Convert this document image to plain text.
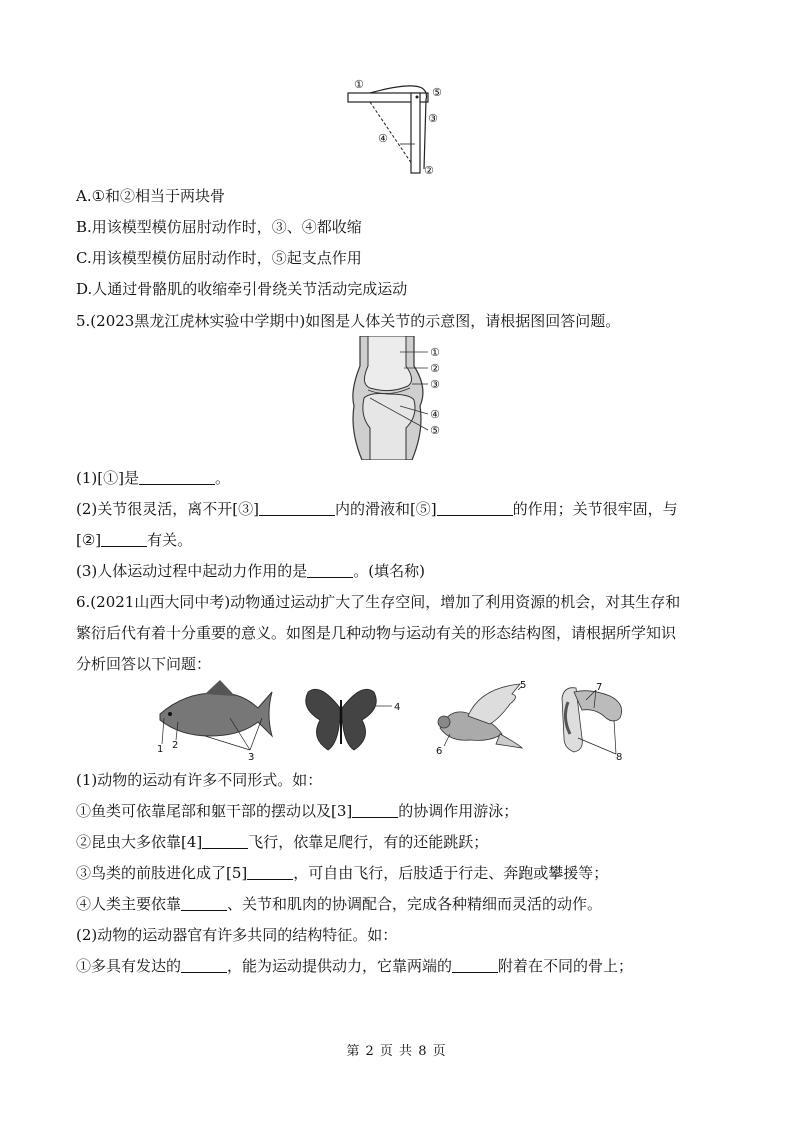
①
②
③
④
⑤
A.①和②相当于两块骨
B.用该模型模仿屈肘动作时，③、④都收缩
C.用该模型模仿屈肘动作时，⑤起支点作用
D.人通过骨骼肌的收缩牵引骨绕关节活动完成运动
5.(2023黑龙江虎林实验中学期中)如图是人体关节的示意图，请根据图回答问题。
①
②
③
④
⑤
(1)[①]是	。
(2)关节很灵活，离不开[③]	内的滑液和[⑤]	的作用；关节很牢固，与
[②]	有关。
(3)人体运动过程中起动力作用的是	。(填名称)
6.(2021山西大同中考)动物通过运动扩大了生存空间，增加了利用资源的机会，对其生存和
繁衍后代有着十分重要的意义。如图是几种动物与运动有关的形态结构图，请根据所学知识
分析回答以下问题：
1 2
3
4
5
6
7
8
(1)动物的运动有许多不同形式。如：
①鱼类可依靠尾部和躯干部的摆动以及[3]	的协调作用游泳；
②昆虫大多依靠[4]	飞行，依靠足爬行，有的还能跳跃；
③鸟类的前肢进化成了[5]	，可自由飞行，后肢适于行走、奔跑或攀援等；
④人类主要依靠	、关节和肌肉的协调配合，完成各种精细而灵活的动作。
(2)动物的运动器官有许多共同的结构特征。如：
①多具有发达的	，能为运动提供动力，它靠两端的	附着在不同的骨上；
第 2 页 共 8 页
